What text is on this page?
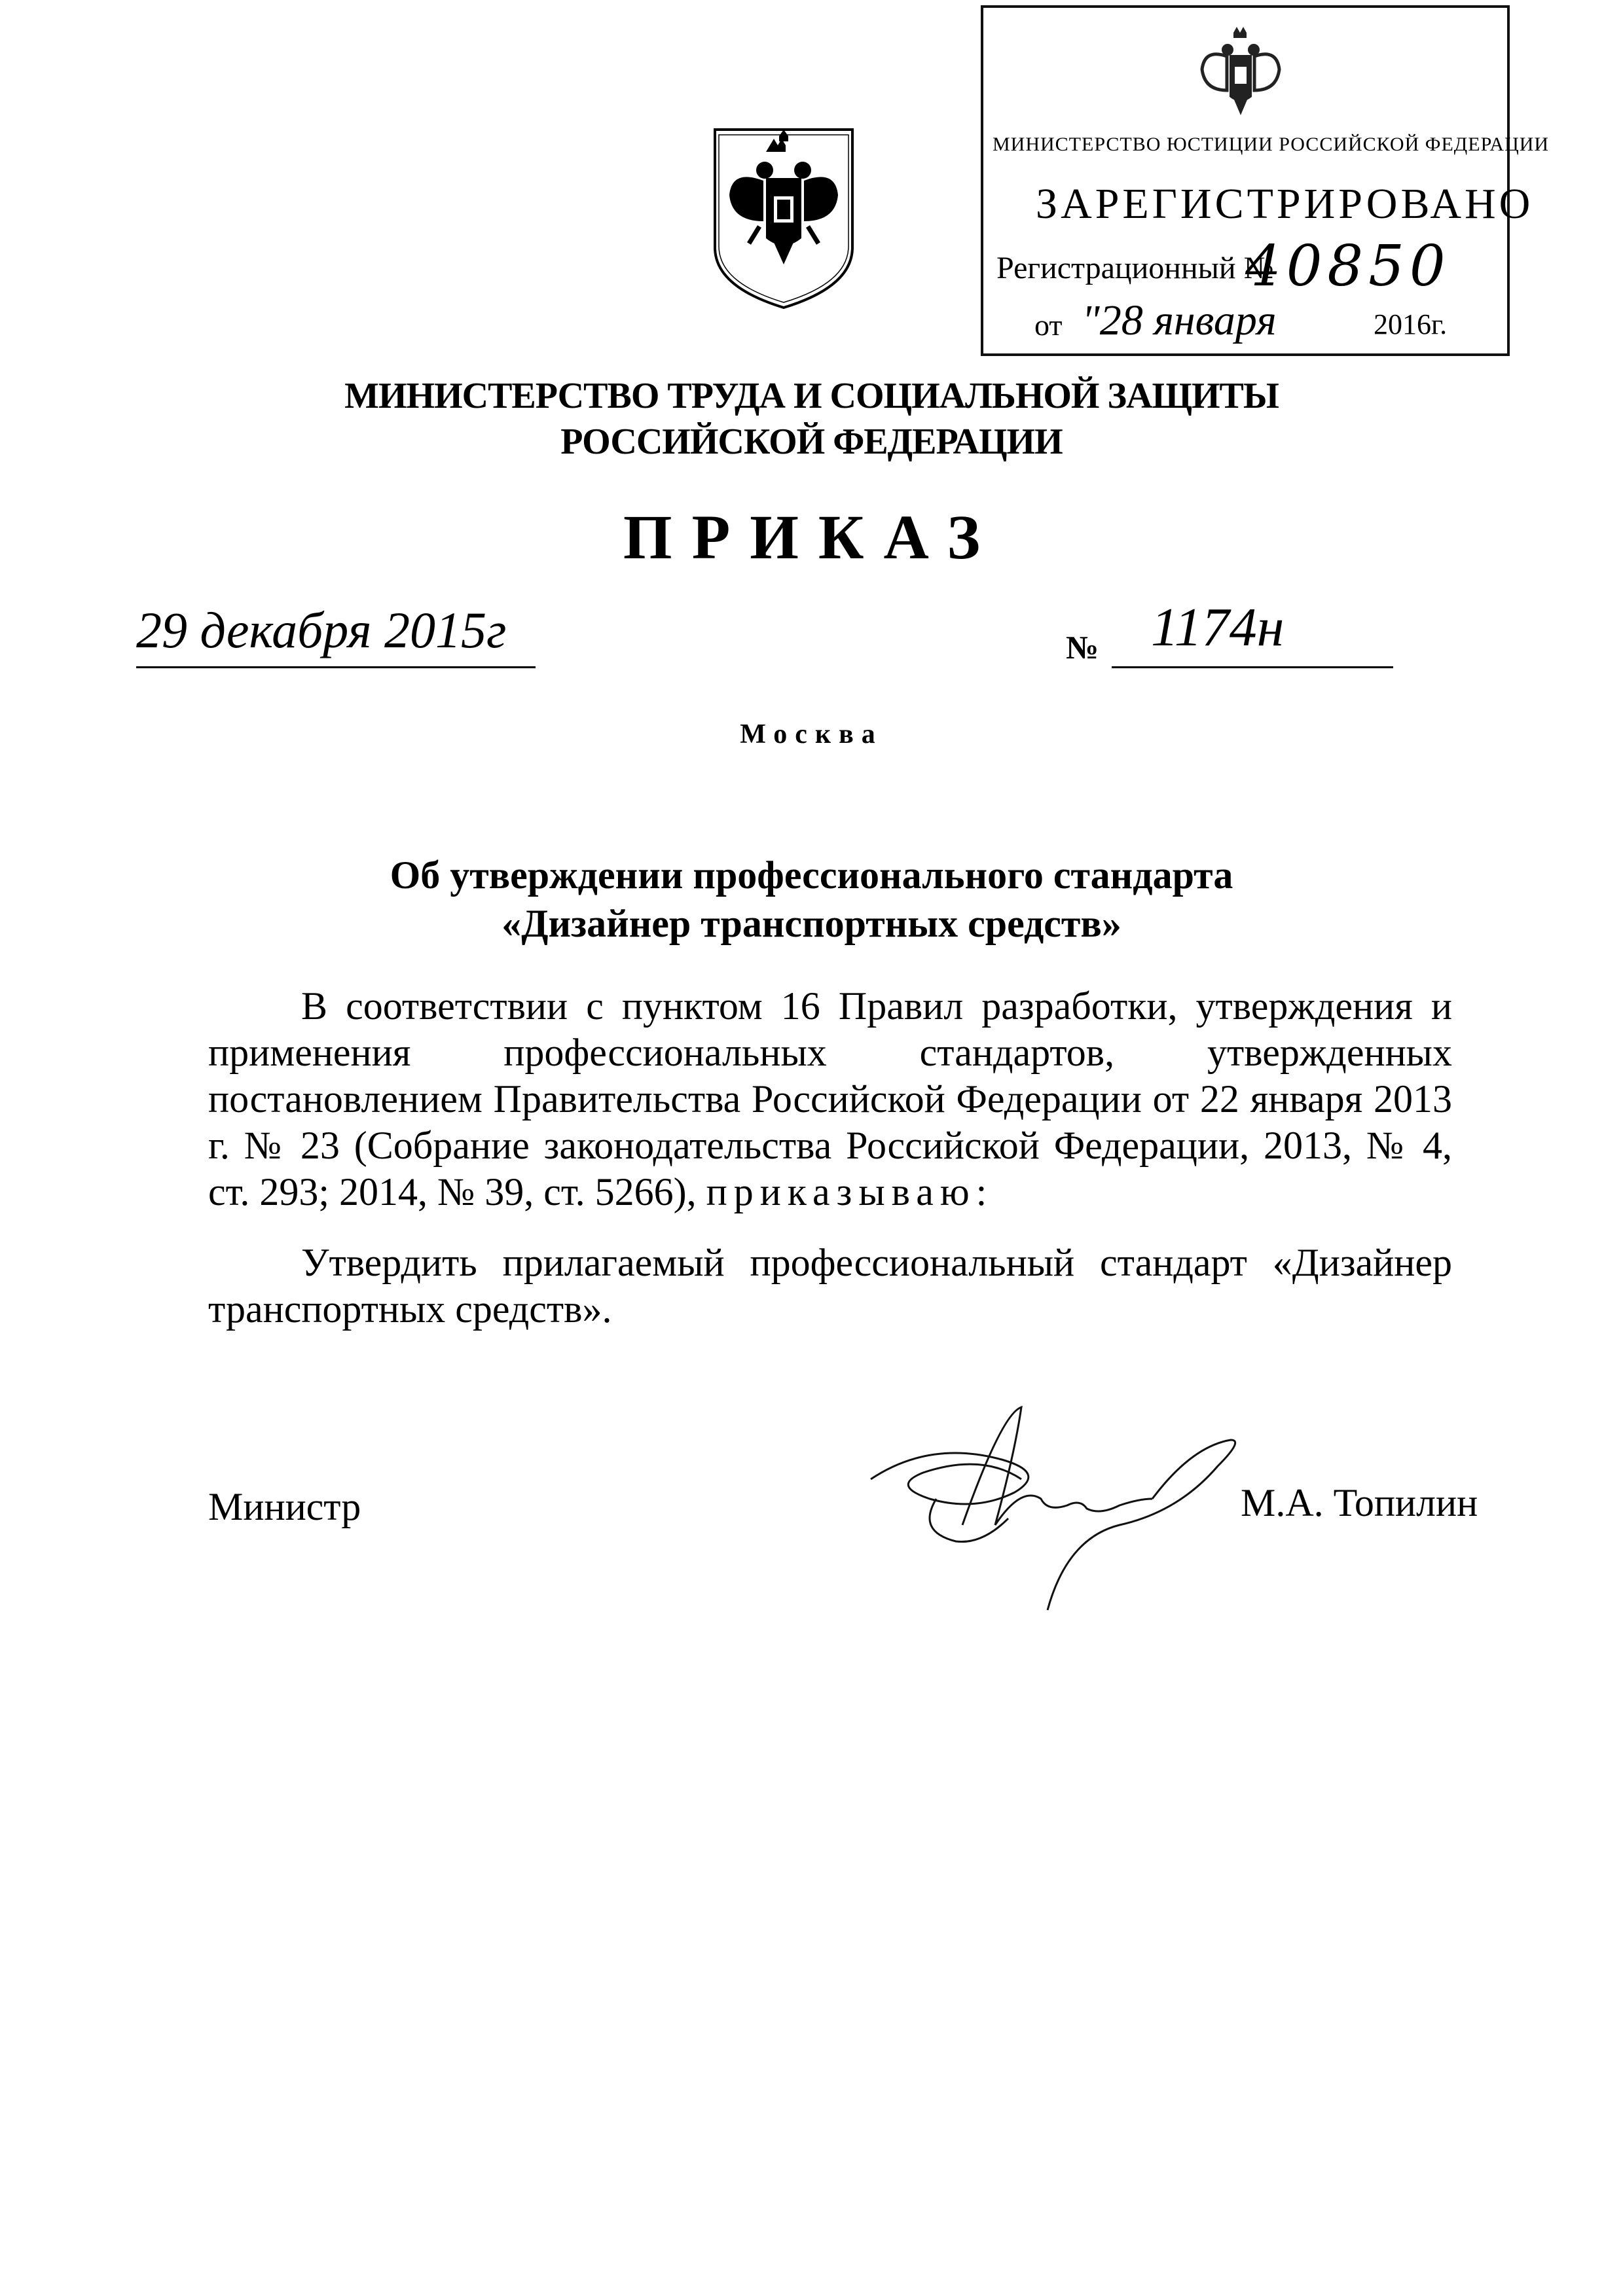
МИНИСТЕРСТВО ЮСТИЦИИ РОССИЙСКОЙ ФЕДЕРАЦИИ
ЗАРЕГИСТРИРОВАНО
Регистрационный №
40850
от "28 января	2016г.
МИНИСТЕРСТВО ТРУДА И СОЦИАЛЬНОЙ ЗАЩИТЫ
РОССИЙСКОЙ ФЕДЕРАЦИИ
ПРИКАЗ
29 декабря 2015г	№ 1174н
Москва
Об утверждении профессионального стандарта
«Дизайнер транспортных средств»
В соответствии с пунктом 16 Правил разработки, утверждения и применения профессиональных стандартов, утвержденных постановлением Правительства Российской Федерации от 22 января 2013 г. № 23 (Собрание законодательства Российской Федерации, 2013, № 4, ст. 293; 2014, № 39, ст. 5266), приказываю:
Утвердить прилагаемый профессиональный стандарт «Дизайнер транспортных средств».
Министр	М.А. Топилин
